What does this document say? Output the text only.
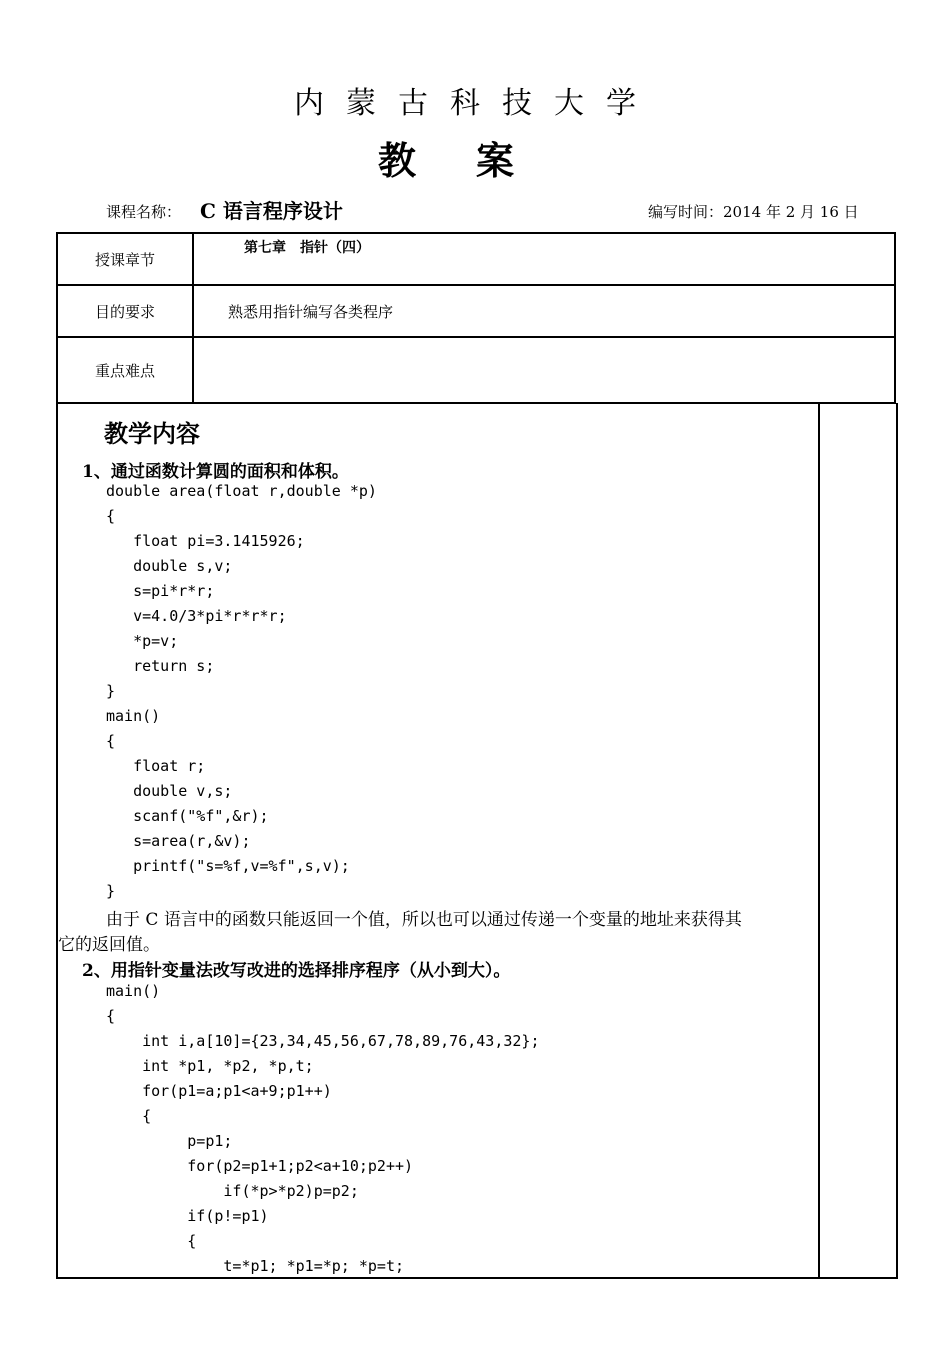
内蒙古科技大学
教案
课程名称： C 语言程序设计	编写时间：2014 年 2 月 16 日
授课章节	第七章　指针（四）
目的要求	熟悉用指针编写各类程序
重点难点	
教学内容
1、通过函数计算圆的面积和体积。
double area(float r,double *p)
{
float pi=3.1415926;
double s,v;
s=pi*r*r;
v=4.0/3*pi*r*r*r;
*p=v;
return s;
}
main()
{
float r;
double v,s;
scanf("%f",&r);
s=area(r,&v);
printf("s=%f,v=%f",s,v);
}
由于 C 语言中的函数只能返回一个值，所以也可以通过传递一个变量的地址来获得其
它的返回值。
2、用指针变量法改写改进的选择排序程序（从小到大）。
main()
{
int i,a[10]={23,34,45,56,67,78,89,76,43,32};
int *p1, *p2, *p,t;
for(p1=a;p1<a+9;p1++)
{
p=p1;
for(p2=p1+1;p2<a+10;p2++)
if(*p>*p2)p=p2;
if(p!=p1)
{
t=*p1; *p1=*p; *p=t;
